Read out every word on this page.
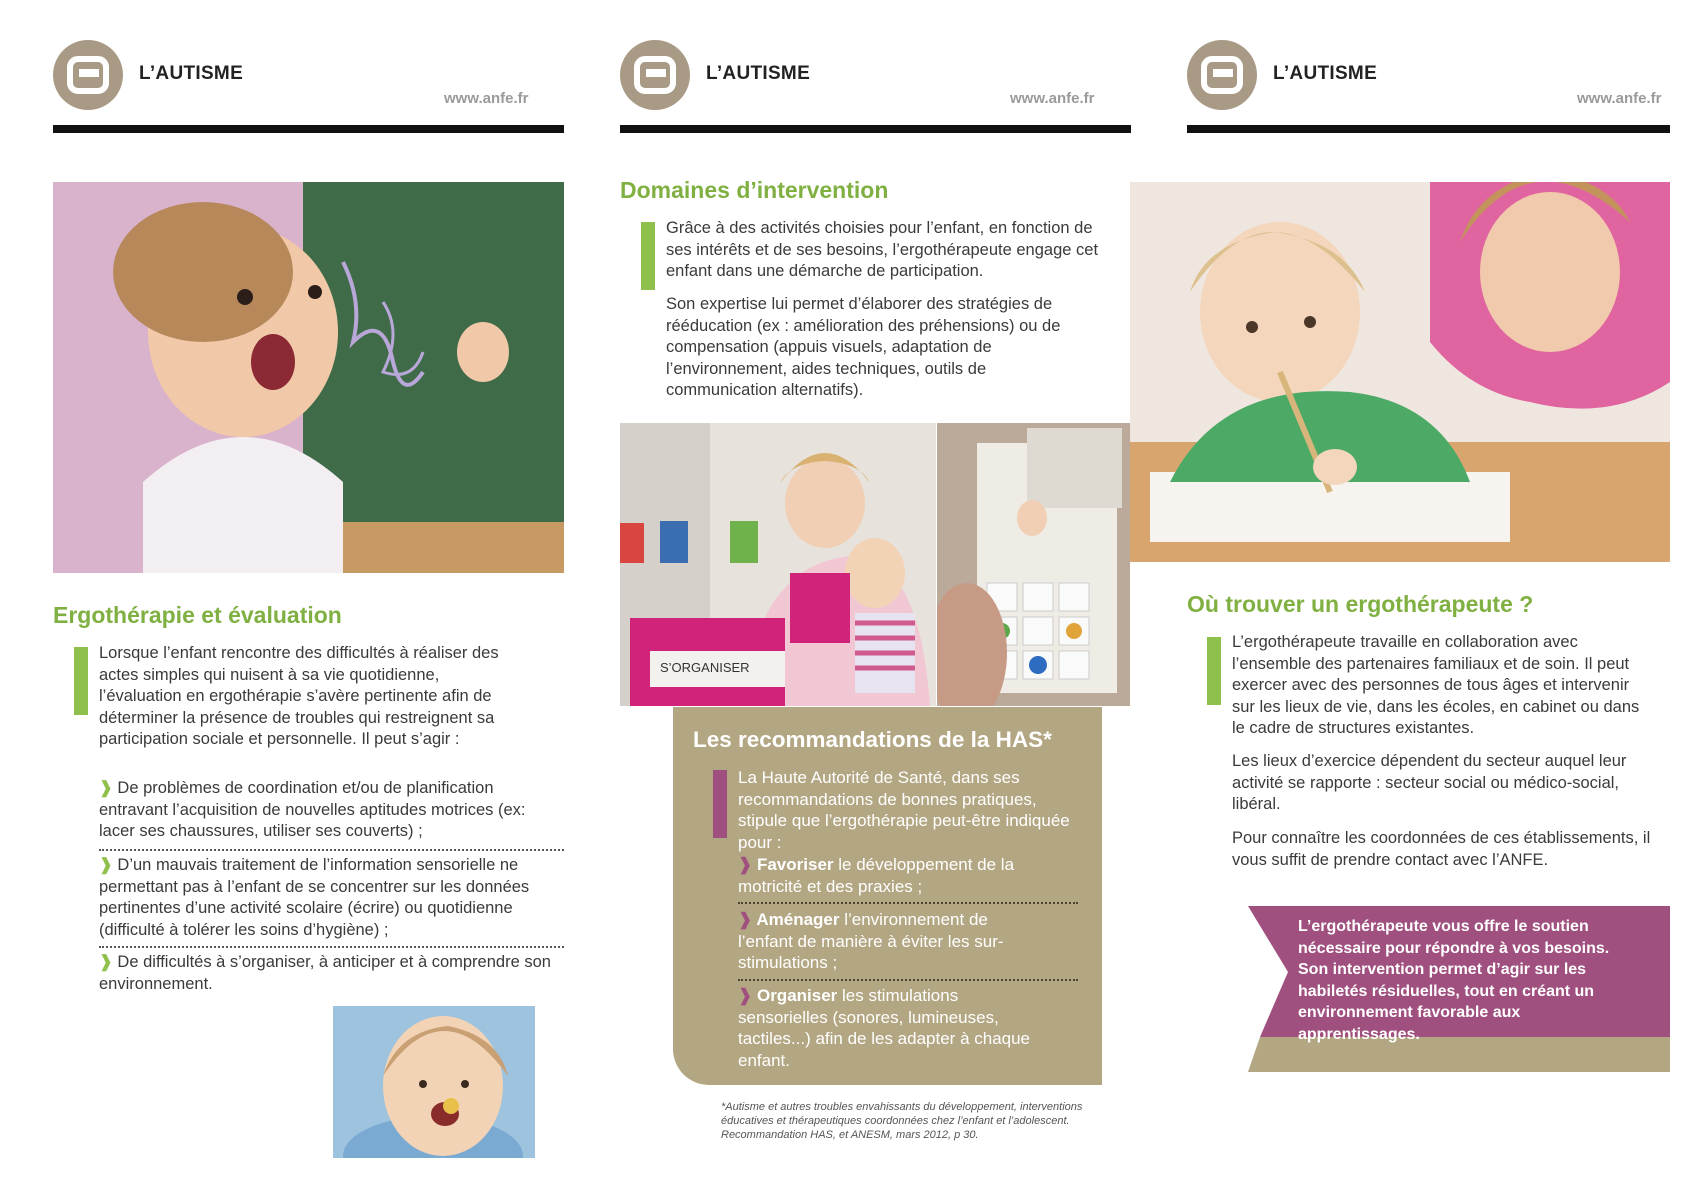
L’AUTISME
www.anfe.fr
L’AUTISME
www.anfe.fr
L’AUTISME
www.anfe.fr
Ergothérapie et évaluation

Lorsque l’enfant rencontre des difficultés à réaliser des actes simples qui nuisent à sa vie quotidienne, l’évaluation en ergothérapie s’avère pertinente afin de déterminer la présence de troubles qui restreignent sa participation sociale et personnelle. Il peut s’agir :

❱ De problèmes de coordination et/ou de planification entravant l’acquisition de nouvelles aptitudes motrices (ex: lacer ses chaussures, utiliser ses couverts) ;

❱ D’un mauvais traitement de l’information sensorielle ne permettant pas à l’enfant de se concentrer sur les données pertinentes d’une activité scolaire (écrire) ou quotidienne (difficulté à tolérer les soins d’hygiène) ;

❱ De difficultés à s’organiser, à anticiper et à comprendre son environnement.

Domaines d’intervention

Grâce à des activités choisies pour l’enfant, en fonction de ses intérêts et de ses besoins, l’ergothérapeute engage cet enfant dans une démarche de participation.

Son expertise lui permet d’élaborer des stratégies de rééducation (ex : amélioration des préhensions) ou de compensation (appuis visuels, adaptation de l’environnement, aides techniques, outils de communication alternatifs).

S’ORGANISER
Les recommandations de la HAS*

La Haute Autorité de Santé, dans ses recommandations de bonnes pratiques, stipule que l’ergothérapie peut-être indiquée pour :

❱ Favoriser le développement de la motricité et des praxies ;

❱ Aménager l’environnement de l’enfant de manière à éviter les sur-stimulations ;

❱ Organiser les stimulations sensorielles (sonores, lumineuses, tactiles...) afin de les adapter à chaque enfant.

*Autisme et autres troubles envahissants du développement, interventions éducatives et thérapeutiques coordonnées chez l’enfant et l’adolescent. Recommandation HAS, et ANESM, mars 2012, p 30.
Où trouver un ergothérapeute ?

L’ergothérapeute travaille en collaboration avec l’ensemble des partenaires familiaux et de soin. Il peut exercer avec des personnes de tous âges et intervenir sur les lieux de vie, dans les écoles, en cabinet ou dans le cadre de structures existantes.

Les lieux d’exercice dépendent du secteur auquel leur activité se rapporte : secteur social ou médico-social, libéral.

Pour connaître les coordonnées de ces établissements, il vous suffit de prendre contact avec l’ANFE.

L’ergothérapeute vous offre le soutien nécessaire pour répondre à vos besoins. Son intervention permet d’agir sur les habiletés résiduelles, tout en créant un environnement favorable aux apprentissages.
